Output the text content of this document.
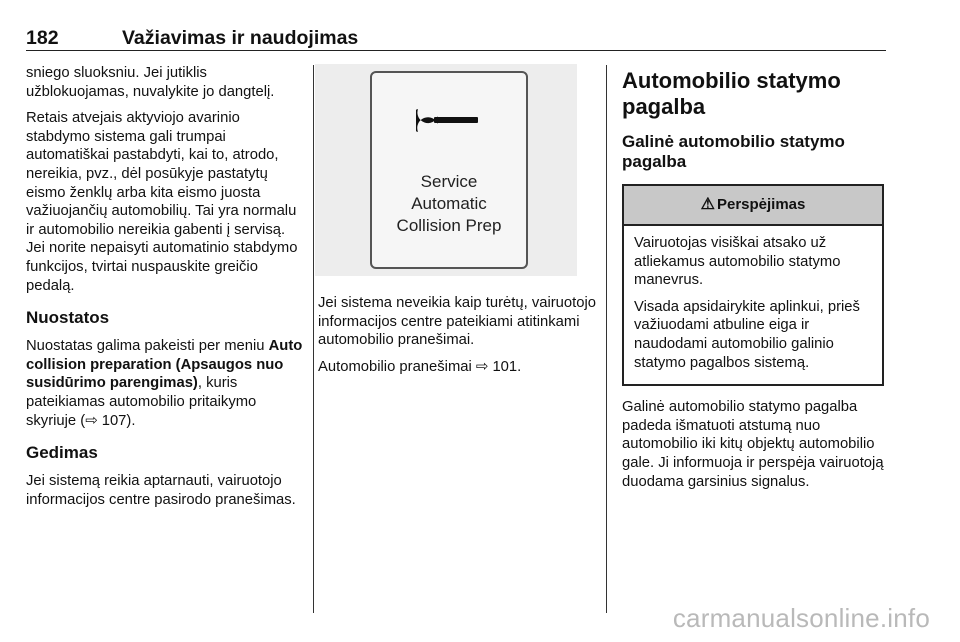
182	Važiavimas ir naudojimas

sniego sluoksniu. Jei jutiklis užblokuojamas, nuvalykite jo dangtelį.

Retais atvejais aktyviojo avarinio stabdymo sistema gali trumpai automatiškai pastabdyti, kai to, atrodo, nereikia, pvz., dėl posūkyje pastatytų eismo ženklų arba kita eismo juosta važiuojančių automobilių. Tai yra normalu ir automobilio nereikia gabenti į servisą. Jei norite nepaisyti automatinio stabdymo funkcijos, tvirtai nuspauskite greičio pedalą.

Nuostatos

Nuostatas galima pakeisti per meniu Auto collision preparation (Apsaugos nuo susidūrimo parengimas), kuris pateikiamas automobilio pritaikymo skyriuje (⇨ 107).

Gedimas

Jei sistemą reikia aptarnauti, vairuotojo informacijos centre pasirodo pranešimas.

Service
Automatic
Collision Prep

Jei sistema neveikia kaip turėtų, vairuotojo informacijos centre pateikiami atitinkami automobilio pranešimai.

Automobilio pranešimai ⇨ 101.

Automobilio statymo pagalba
Galinė automobilio statymo pagalba
⚠ Perspėjimas

Vairuotojas visiškai atsako už atliekamus automobilio statymo manevrus.

Visada apsidairykite aplinkui, prieš važiuodami atbuline eiga ir naudodami automobilio galinio statymo pagalbos sistemą.

Galinė automobilio statymo pagalba padeda išmatuoti atstumą nuo automobilio iki kitų objektų automobilio gale. Ji informuoja ir perspėja vairuotoją duodama garsinius signalus.

carmanualsonline.info
